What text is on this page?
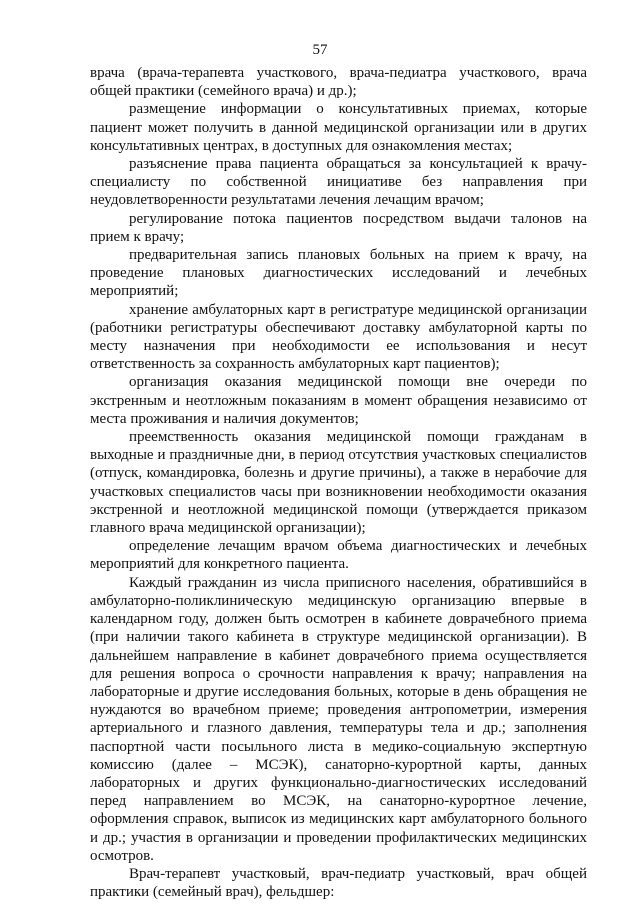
57

врача (врача-терапевта участкового, врача-педиатра участкового, врача общей практики (семейного врача) и др.);

размещение информации о консультативных приемах, которые пациент может получить в данной медицинской организации или в других консультативных центрах, в доступных для ознакомления местах;

разъяснение права пациента обращаться за консультацией к врачу-специалисту по собственной инициативе без направления при неудовлетворенности результатами лечения лечащим врачом;

регулирование потока пациентов посредством выдачи талонов на прием к врачу;

предварительная запись плановых больных на прием к врачу, на проведение плановых диагностических исследований и лечебных мероприятий;

хранение амбулаторных карт в регистратуре медицинской организации (работники регистратуры обеспечивают доставку амбулаторной карты по месту назначения при необходимости ее использования и несут ответственность за сохранность амбулаторных карт пациентов);

организация оказания медицинской помощи вне очереди по экстренным и неотложным показаниям в момент обращения независимо от места проживания и наличия документов;

преемственность оказания медицинской помощи гражданам в выходные и праздничные дни, в период отсутствия участковых специалистов (отпуск, командировка, болезнь и другие причины), а также в нерабочие для участковых специалистов часы при возникновении необходимости оказания экстренной и неотложной медицинской помощи (утверждается приказом главного врача медицинской организации);

определение лечащим врачом объема диагностических и лечебных мероприятий для конкретного пациента.

Каждый гражданин из числа приписного населения, обратившийся в амбулаторно-поликлиническую медицинскую организацию впервые в календарном году, должен быть осмотрен в кабинете доврачебного приема (при наличии такого кабинета в структуре медицинской организации). В дальнейшем направление в кабинет доврачебного приема осуществляется для решения вопроса о срочности направления к врачу; направления на лабораторные и другие исследования больных, которые в день обращения не нуждаются во врачебном приеме; проведения антропометрии, измерения артериального и глазного давления, температуры тела и др.; заполнения паспортной части посыльного листа в медико-социальную экспертную комиссию (далее – МСЭК), санаторно-курортной карты, данных лабораторных и других функционально-диагностических исследований перед направлением во МСЭК, на санаторно-курортное лечение, оформления справок, выписок из медицинских карт амбулаторного больного и др.; участия в организации и проведении профилактических медицинских осмотров.

Врач-терапевт участковый, врач-педиатр участковый, врач общей практики (семейный врач), фельдшер:
